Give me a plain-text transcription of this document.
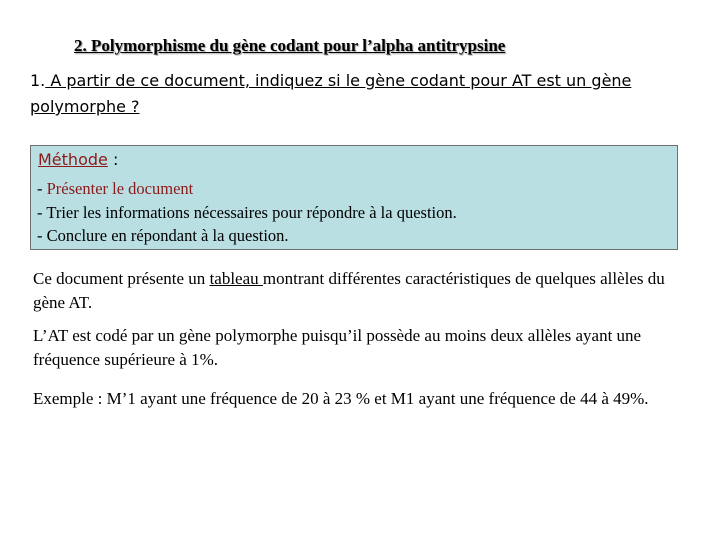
2. Polymorphisme du gène codant pour l’alpha antitrypsine
1. A partir de ce document, indiquez si le gène codant pour AT est un gène polymorphe ?
Méthode :
- Présenter le document
- Trier les informations nécessaires pour répondre à la question.
- Conclure en répondant à la question.
Ce document présente un tableau montrant différentes caractéristiques de quelques allèles du gène AT.
L’AT est codé par un gène polymorphe puisqu’il possède au moins deux allèles ayant une fréquence supérieure à 1%.
Exemple : M’1 ayant une fréquence de 20 à 23 % et M1 ayant une fréquence de 44 à 49%.
